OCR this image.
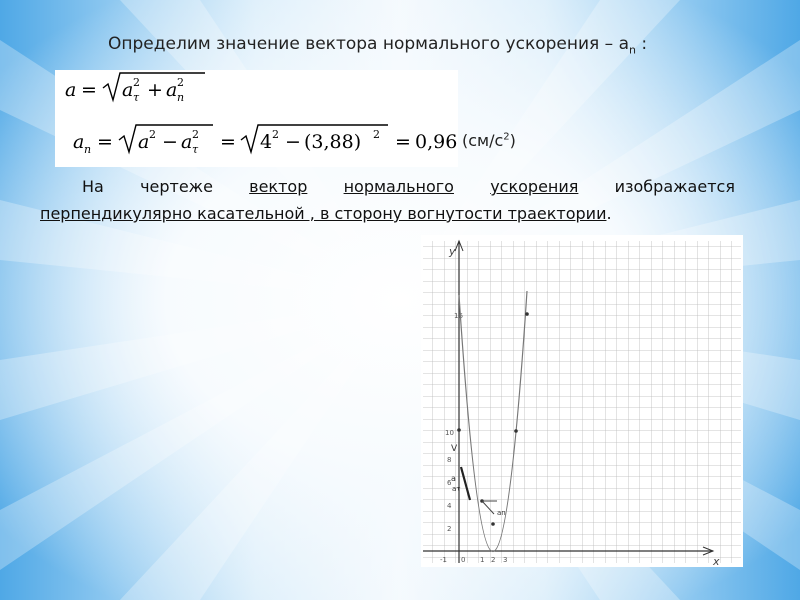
Определим значение вектора нормального ускорения – $a_n$ :
a = a 2
τ + a 2
n
a n = a 2 − a 2
τ = 4 2 − (3,88) 2 = 0,96 $(см/с^2)$
На чертеже вектор нормального ускорения изображается
перпендикулярно касательной , в сторону вогнутости траектории.
y
x
2
4
6
8
10
16
-1 0 1 2 3
V
a
aτ
an
